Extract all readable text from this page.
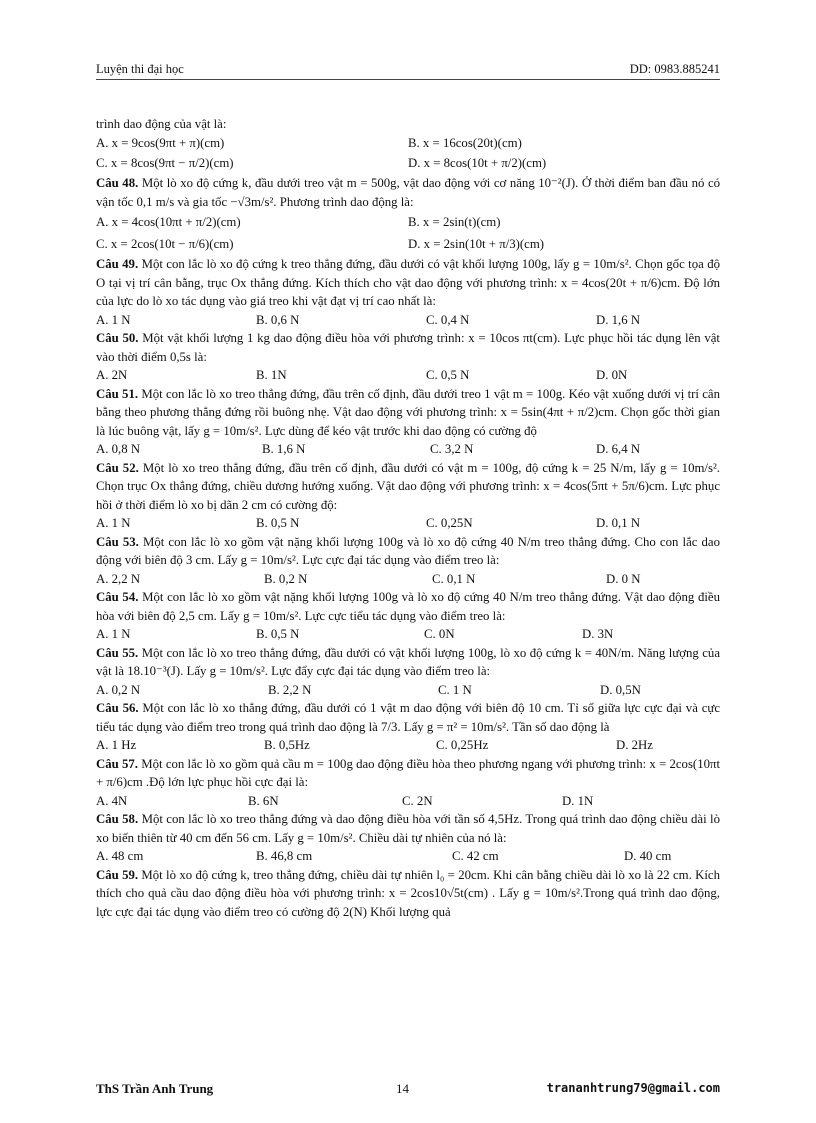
Luyện thi đại học	DD: 0983.885241

trình dao động của vật là:

A. x = 9cos(9πt + π)(cm)	B. x = 16cos(20t)(cm)
C. x = 8cos(9πt − π/2)(cm)	D. x = 8cos(10t + π/2)(cm)

Câu 48. Một lò xo độ cứng k, đầu dưới treo vật m = 500g, vật dao động với cơ năng 10⁻²(J). Ở thời điểm ban đầu nó có vận tốc 0,1 m/s và gia tốc −√3m/s². Phương trình dao động là:

A. x = 4cos(10πt + π/2)(cm)	B. x = 2sin(t)(cm)
C. x = 2cos(10t − π/6)(cm)	D. x = 2sin(10t + π/3)(cm)

Câu 49. Một con lắc lò xo độ cứng k treo thẳng đứng, đầu dưới có vật khối lượng 100g, lấy g = 10m/s². Chọn gốc tọa độ O tại vị trí cân bằng, trục Ox thẳng đứng. Kích thích cho vật dao động với phương trình: x = 4cos(20t + π/6)cm. Độ lớn của lực do lò xo tác dụng vào giá treo khi vật đạt vị trí cao nhất là:

A. 1 N	B. 0,6 N	C. 0,4 N	D. 1,6 N

Câu 50. Một vật khối lượng 1 kg dao động điều hòa với phương trình: x = 10cos πt(cm). Lực phục hồi tác dụng lên vật vào thời điểm 0,5s là:

A. 2N	B. 1N	C. 0,5 N	D. 0N

Câu 51. Một con lắc lò xo treo thẳng đứng, đầu trên cố định, đầu dưới treo 1 vật m = 100g. Kéo vật xuống dưới vị trí cân bằng theo phương thẳng đứng rồi buông nhẹ. Vật dao động với phương trình: x = 5sin(4πt + π/2)cm. Chọn gốc thời gian là lúc buông vật, lấy g = 10m/s². Lực dùng để kéo vật trước khi dao động có cường độ

A. 0,8 N	B. 1,6 N	C. 3,2 N	D. 6,4 N

Câu 52. Một lò xo treo thẳng đứng, đầu trên cố định, đầu dưới có vật m = 100g, độ cứng k = 25 N/m, lấy g = 10m/s². Chọn trục Ox thẳng đứng, chiều dương hướng xuống. Vật dao động với phương trình: x = 4cos(5πt + 5π/6)cm. Lực phục hồi ở thời điểm lò xo bị dãn 2 cm có cường độ:

A. 1 N	B. 0,5 N	C. 0,25N	D. 0,1 N

Câu 53. Một con lắc lò xo gồm vật nặng khối lượng 100g và lò xo độ cứng 40 N/m treo thẳng đứng. Cho con lắc dao động với biên độ 3 cm. Lấy g = 10m/s². Lực cực đại tác dụng vào điểm treo là:

A. 2,2 N	B. 0,2 N	C. 0,1 N	D. 0 N

Câu 54. Một con lắc lò xo gồm vật nặng khối lượng 100g và lò xo độ cứng 40 N/m treo thẳng đứng. Vật dao động điều hòa với biên độ 2,5 cm. Lấy g = 10m/s². Lực cực tiểu tác dụng vào điểm treo là:

A. 1 N	B. 0,5 N	C. 0N	D. 3N

Câu 55. Một con lắc lò xo treo thẳng đứng, đầu dưới có vật khối lượng 100g, lò xo độ cứng k = 40N/m. Năng lượng của vật là 18.10⁻³(J). Lấy g = 10m/s². Lực đẩy cực đại tác dụng vào điểm treo là:

A. 0,2 N	B. 2,2 N	C. 1 N	D. 0,5N

Câu 56. Một con lắc lò xo thẳng đứng, đầu dưới có 1 vật m dao động với biên độ 10 cm. Tỉ số giữa lực cực đại và cực tiểu tác dụng vào điểm treo trong quá trình dao động là 7/3. Lấy g = π² = 10m/s². Tần số dao động là

A. 1 Hz	B. 0,5Hz	C. 0,25Hz	D. 2Hz

Câu 57. Một con lắc lò xo gồm quả cầu m = 100g dao động điều hòa theo phương ngang với phương trình: x = 2cos(10πt + π/6)cm .Độ lớn lực phục hồi cực đại là:

A. 4N	B. 6N	C. 2N	D. 1N

Câu 58. Một con lắc lò xo treo thẳng đứng và dao động điều hòa với tần số 4,5Hz. Trong quá trình dao động chiều dài lò xo biến thiên từ 40 cm đến 56 cm. Lấy g = 10m/s². Chiều dài tự nhiên của nó là:

A. 48 cm	B. 46,8 cm	C. 42 cm	D. 40 cm

Câu 59. Một lò xo độ cứng k, treo thẳng đứng, chiều dài tự nhiên l₀ = 20cm. Khi cân bằng chiều dài lò xo là 22 cm. Kích thích cho quả cầu dao động điều hòa với phương trình: x = 2cos10√5t(cm) . Lấy g = 10m/s².Trong quá trình dao động, lực cực đại tác dụng vào điểm treo có cường độ 2(N) Khối lượng quả

ThS Trần Anh Trung	14	trananhtrung79@gmail.com
